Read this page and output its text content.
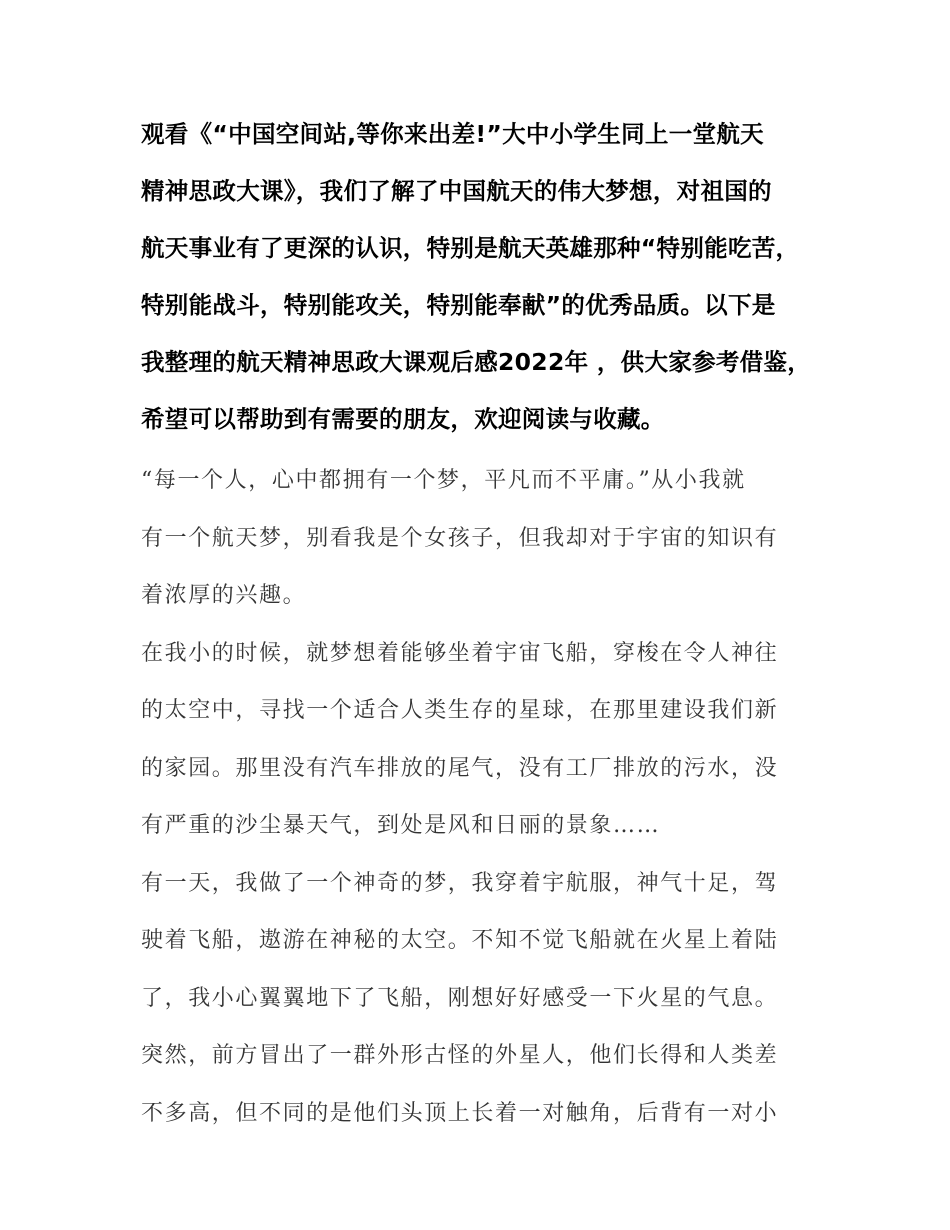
观看《“中国空间站,等你来出差!”大中小学生同上一堂航天
精神思政大课》，我们了解了中国航天的伟大梦想，对祖国的
航天事业有了更深的认识，特别是航天英雄那种“特别能吃苦，
特别能战斗，特别能攻关，特别能奉献”的优秀品质。以下是
我整理的航天精神思政大课观后感2022年 ，供大家参考借鉴，
希望可以帮助到有需要的朋友，欢迎阅读与收藏。
“每一个人，心中都拥有一个梦，平凡而不平庸。”从小我就
有一个航天梦，别看我是个女孩子，但我却对于宇宙的知识有
着浓厚的兴趣。
在我小的时候，就梦想着能够坐着宇宙飞船，穿梭在令人神往
的太空中，寻找一个适合人类生存的星球，在那里建设我们新
的家园。那里没有汽车排放的尾气，没有工厂排放的污水，没
有严重的沙尘暴天气，到处是风和日丽的景象……
有一天，我做了一个神奇的梦，我穿着宇航服，神气十足，驾
驶着飞船，遨游在神秘的太空。不知不觉飞船就在火星上着陆
了，我小心翼翼地下了飞船，刚想好好感受一下火星的气息。
突然，前方冒出了一群外形古怪的外星人，他们长得和人类差
不多高，但不同的是他们头顶上长着一对触角，后背有一对小
